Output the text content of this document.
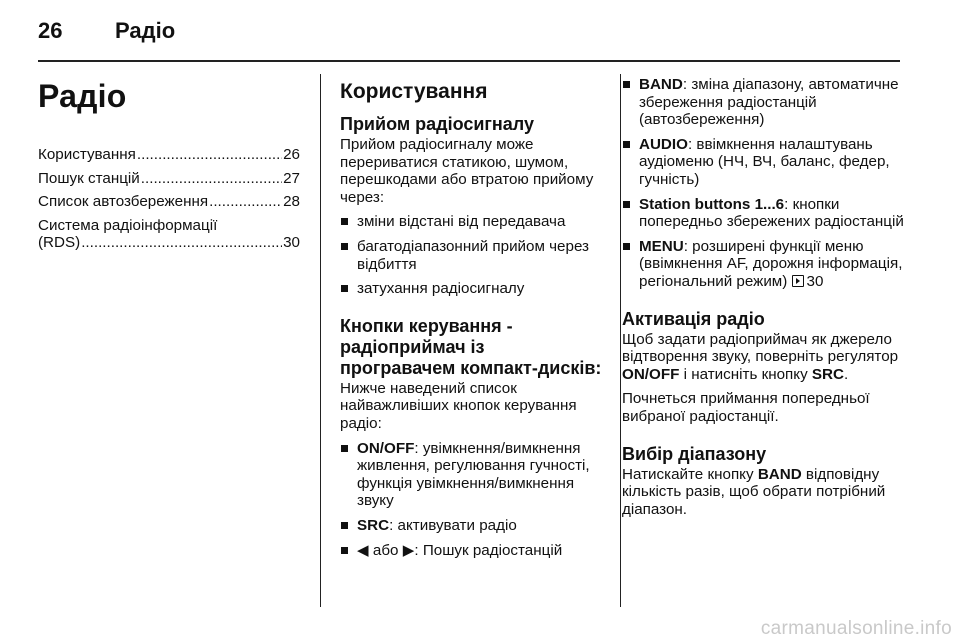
26 Радіо
Радіо
Користування .....	26
Пошук станцій .....	27
Список автозбереження .....	28
Система радіоінформації
(RDS) .....	30
Користування
Прийом радіосигналу
Прийом радіосигналу може перериватися статикою, шумом, перешкодами або втратою прийому через:
зміни відстані від передавача
багатодіапазонний прийом через відбиття
затухання радіосигналу
Кнопки керування - радіоприймач із програвачем компакт-дисків:
Нижче наведений список найважливіших кнопок керування радіо:
ON/OFF: увімкнення/вимкнення живлення, регулювання гучності, функція увімкнення/вимкнення звуку
SRC: активувати радіо
◀ або ▶: Пошук радіостанцій
BAND: зміна діапазону, автоматичне збереження радіостанцій (автозбереження)
AUDIO: ввімкнення налаштувань аудіоменю (НЧ, ВЧ, баланс, федер, гучність)
Station buttons 1...6: кнопки попередньо збережених радіостанцій
MENU: розширені функції меню (ввімкнення AF, дорожня інформація, регіональний режим) 30
Активація радіо
Щоб задати радіоприймач як джерело відтворення звуку, поверніть регулятор ON/OFF і натисніть кнопку SRC.
Почнеться приймання попередньої вибраної радіостанції.
Вибір діапазону
Натискайте кнопку BAND відповідну кількість разів, щоб обрати потрібний діапазон.
carmanualsonline.info
